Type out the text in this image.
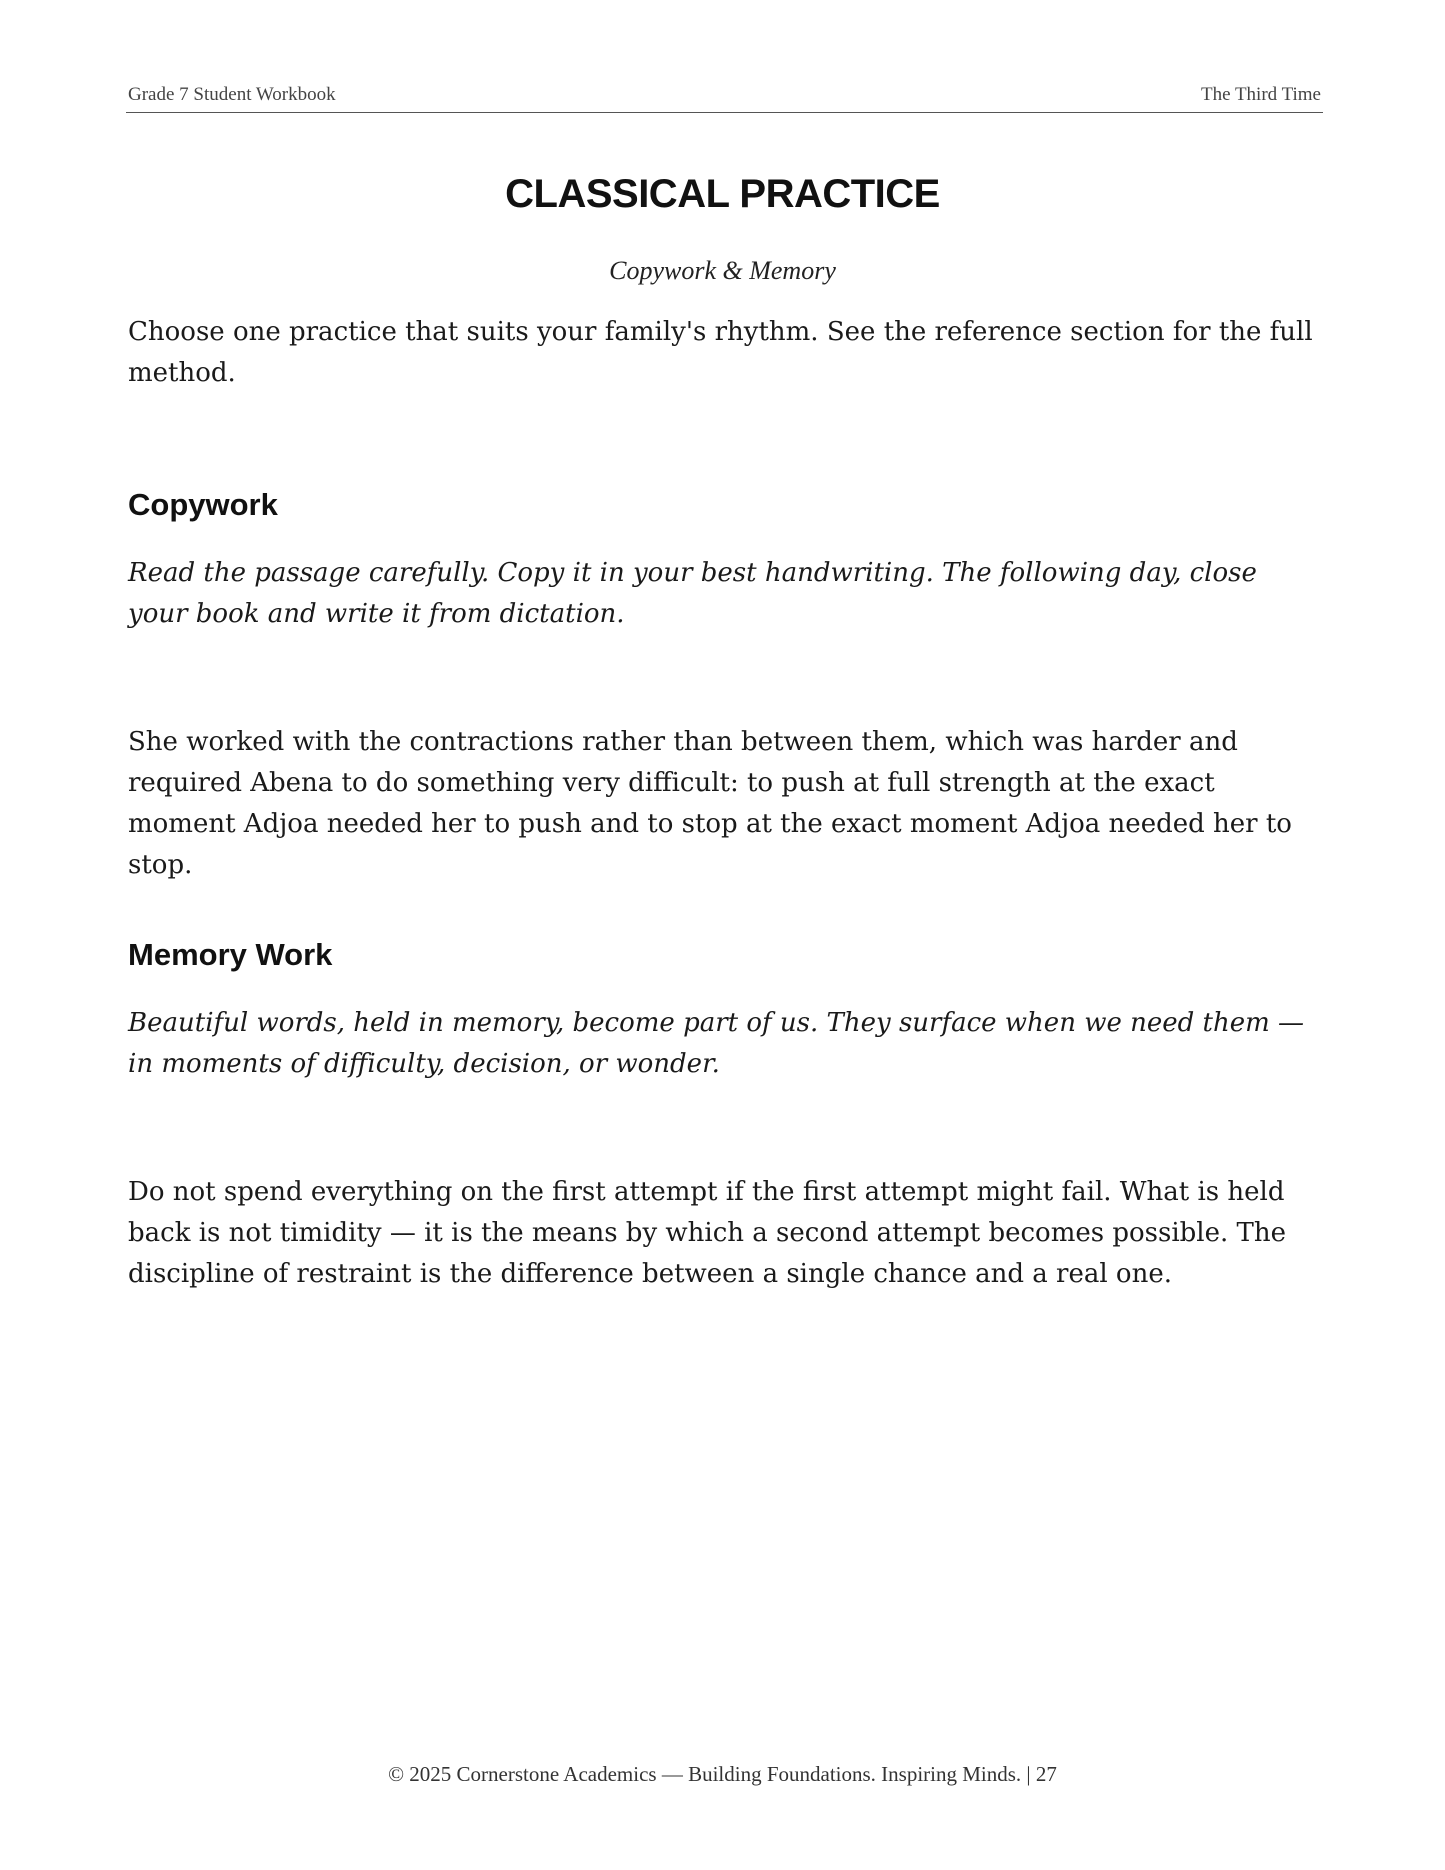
Grade 7 Student Workbook	The Third Time
CLASSICAL PRACTICE
Copywork & Memory

Choose one practice that suits your family's rhythm. See the reference section for the full method.

Copywork

Read the passage carefully. Copy it in your best handwriting. The following day, close your book and write it from dictation.

She worked with the contractions rather than between them, which was harder and required Abena to do something very difficult: to push at full strength at the exact moment Adjoa needed her to push and to stop at the exact moment Adjoa needed her to stop.

Memory Work

Beautiful words, held in memory, become part of us. They surface when we need them — in moments of difficulty, decision, or wonder.

Do not spend everything on the first attempt if the first attempt might fail. What is held back is not timidity — it is the means by which a second attempt becomes possible. The discipline of restraint is the difference between a single chance and a real one.

© 2025 Cornerstone Academics — Building Foundations. Inspiring Minds. | 27
